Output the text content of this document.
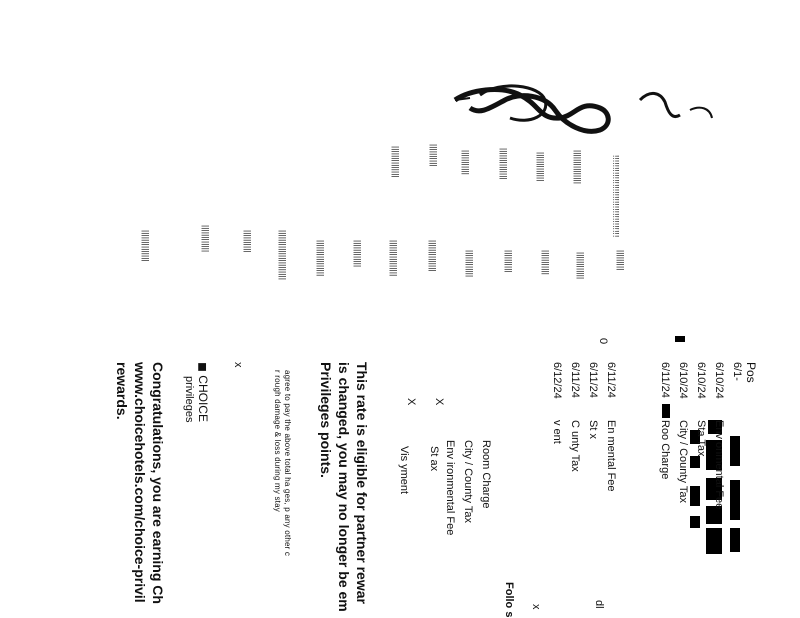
!!!!!!!!!!!!!!!!!!!!!!!!!!!!!!!!!!
|||||||||||||||
|||||||||||||
||||||||||||||
|||||||||||
||||||||||
||||||||||||||
|||||||||
||||||||||||
|||||||||||
||||||||||
||||||||||||
||||||||||||||
||||||||||||||||
||||||||||||
||||||||||||||||
||||||||||||||||||||||
||||||||||
||||||||||||
||||||||||||||
Pos
Follo s x
6/1-
6/10/24
Env onmental Fee
6/10/24
Sta Tax
6/10/24
City / County Tax
6/11/24
Roo Charge
6/11/24
En mental Fee
6/11/24
St x
6/11/24
C unty Tax
6/12/24
v ent
Room Charge
City / County Tax
Env ironmental Fee
St ax
Vis yment
0
dl
X
X
This rate is eligible for partner rewar
is changed, you may no longer be em
Privileges points.
agree to pay the above total ha ges, p any other c
r rough damage & loss during my stay
x
◼ CHOICE
privileges
Congratulations, you are earning Ch
www.choicehotels.com/choice-privil
rewards.
